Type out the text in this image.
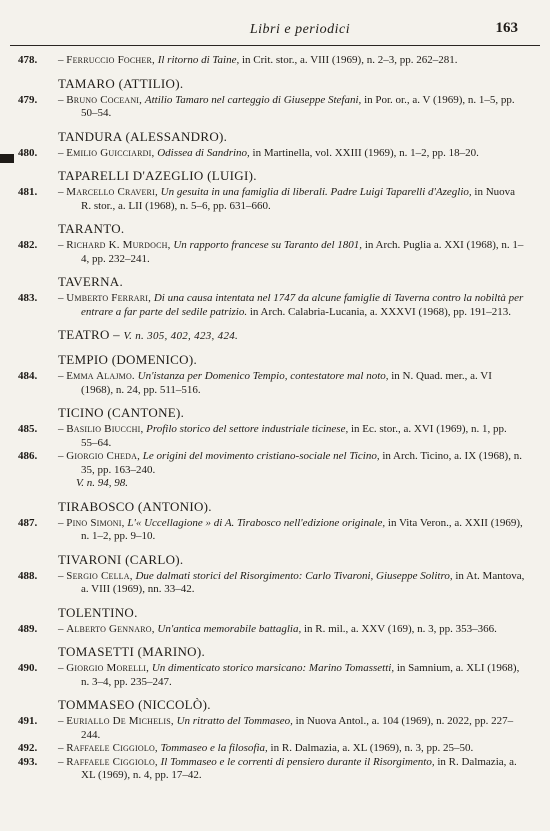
Libri e periodici	163
478.	– Ferruccio Focher, Il ritorno di Taine, in Crit. stor., a. VIII (1969), n. 2–3, pp. 262–281.
TAMARO (ATTILIO).
479.	– Bruno Coceani, Attilio Tamaro nel carteggio di Giuseppe Stefani, in Por. or., a. V (1969), n. 1–5, pp. 50–54.
TANDURA (ALESSANDRO).
480.	– Emilio Guicciardi, Odissea di Sandrino, in Martinella, vol. XXIII (1969), n. 1–2, pp. 18–20.
TAPARELLI D'AZEGLIO (LUIGI).
481.	– Marcello Craveri, Un gesuita in una famiglia di liberali. Padre Luigi Taparelli d'Azeglio, in Nuova R. stor., a. LII (1968), n. 5–6, pp. 631–660.
TARANTO.
482.	– Richard K. Murdoch, Un rapporto francese su Taranto del 1801, in Arch. Puglia a. XXI (1968), n. 1–4, pp. 232–241.
TAVERNA.
483.	– Umberto Ferrari, Di una causa intentata nel 1747 da alcune famiglie di Taverna contro la nobiltà per entrare a far parte del sedile patrizio. in Arch. Calabria-Lucania, a. XXXVI (1968), pp. 191–213.
TEATRO – V. n. 305, 402, 423, 424.
TEMPIO (DOMENICO).
484.	– Emma Alajmo. Un'istanza per Domenico Tempio, contestatore mal noto, in N. Quad. mer., a. VI (1968), n. 24, pp. 511–516.
TICINO (CANTONE).
485.	– Basilio Biucchi, Profilo storico del settore industriale ticinese, in Ec. stor., a. XVI (1969), n. 1, pp. 55–64.
486.	– Giorgio Cheda, Le origini del movimento cristiano-sociale nel Ticino, in Arch. Ticino, a. IX (1968), n. 35, pp. 163–240.
V. n. 94, 98.
TIRABOSCO (ANTONIO).
487.	– Pino Simoni, L'« Uccellagione » di A. Tirabosco nell'edizione originale, in Vita Veron., a. XXII (1969), n. 1–2, pp. 9–10.
TIVARONI (CARLO).
488.	– Sergio Cella, Due dalmati storici del Risorgimento: Carlo Tivaroni, Giuseppe Solitro, in At. Mantova, a. VIII (1969), nn. 33–42.
TOLENTINO.
489.	– Alberto Gennaro, Un'antica memorabile battaglia, in R. mil., a. XXV (169), n. 3, pp. 353–366.
TOMASETTI (MARINO).
490.	– Giorgio Morelli, Un dimenticato storico marsicano: Marino Tomassetti, in Samnium, a. XLI (1968), n. 3–4, pp. 235–247.
TOMMASEO (NICCOLÒ).
491.	– Euriallo De Michelis, Un ritratto del Tommaseo, in Nuova Antol., a. 104 (1969), n. 2022, pp. 227–244.
492.	– Raffaele Ciggiolo, Tommaseo e la filosofia, in R. Dalmazia, a. XL (1969), n. 3, pp. 25–50.
493.	– Raffaele Ciggiolo, Il Tommaseo e le correnti di pensiero durante il Risorgimento, in R. Dalmazia, a. XL (1969), n. 4, pp. 17–42.
